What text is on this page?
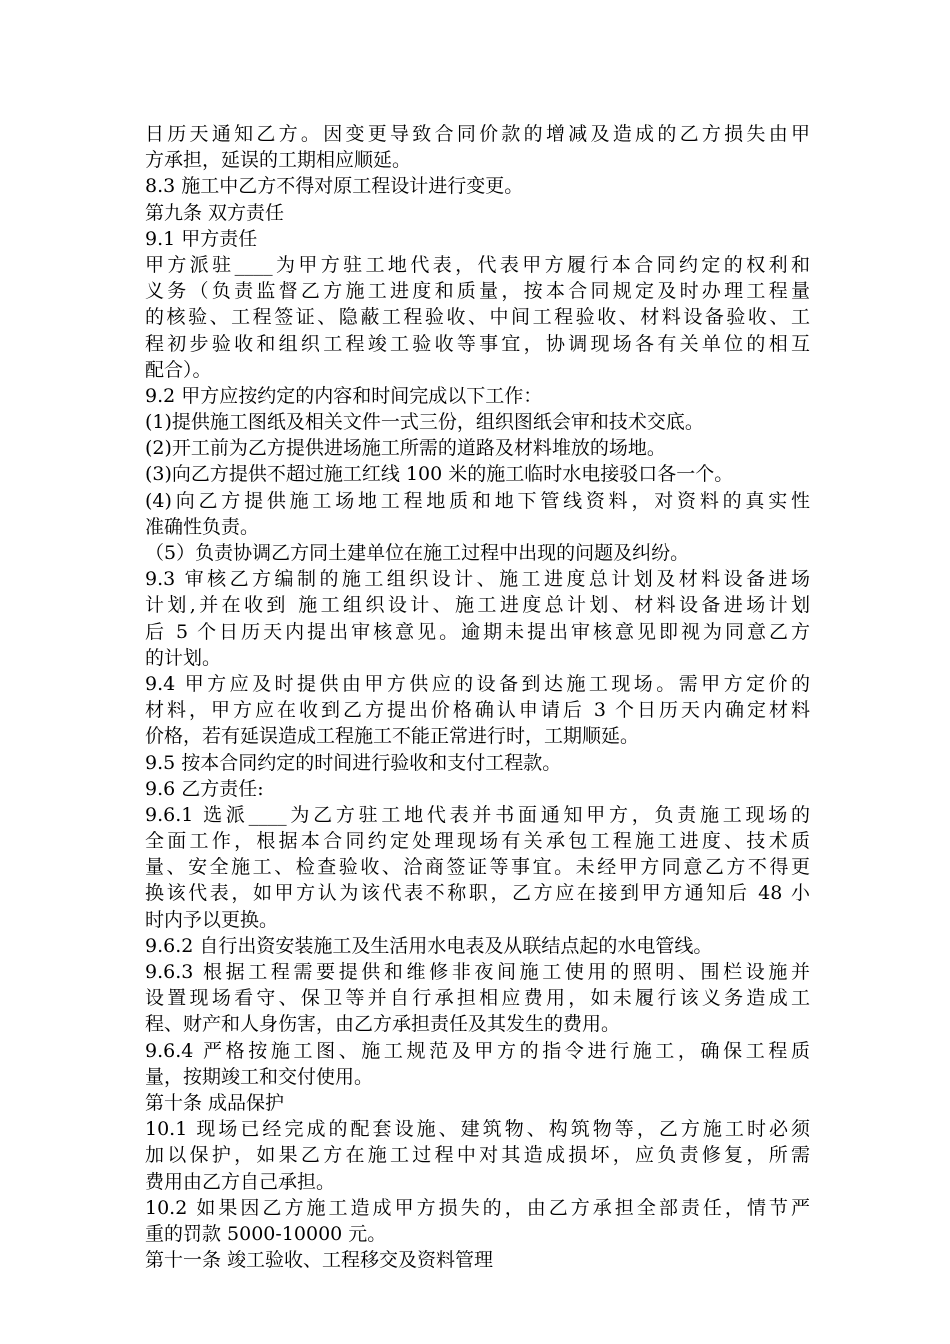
日历天通知乙方。因变更导致合同价款的增减及造成的乙方损失由甲
方承担，延误的工期相应顺延。
8.3 施工中乙方不得对原工程设计进行变更。
第九条 双方责任
9.1 甲方责任
甲方派驻____为甲方驻工地代表，代表甲方履行本合同约定的权利和
义务（负责监督乙方施工进度和质量，按本合同规定及时办理工程量
的核验、工程签证、隐蔽工程验收、中间工程验收、材料设备验收、工
程初步验收和组织工程竣工验收等事宜，协调现场各有关单位的相互
配合）。
9.2 甲方应按约定的内容和时间完成以下工作：
(1)提供施工图纸及相关文件一式三份，组织图纸会审和技术交底。
(2)开工前为乙方提供进场施工所需的道路及材料堆放的场地。
(3)向乙方提供不超过施工红线 100 米的施工临时水电接驳口各一个。
(4)向乙方提供施工场地工程地质和地下管线资料，对资料的真实性
准确性负责。
（5）负责协调乙方同土建单位在施工过程中出现的问题及纠纷。
9.3 审核乙方编制的施工组织设计、施工进度总计划及材料设备进场
计划,并在收到 施工组织设计、施工进度总计划、材料设备进场计划
后 5 个日历天内提出审核意见。逾期未提出审核意见即视为同意乙方
的计划。
9.4 甲方应及时提供由甲方供应的设备到达施工现场。需甲方定价的
材料，甲方应在收到乙方提出价格确认申请后 3 个日历天内确定材料
价格，若有延误造成工程施工不能正常进行时，工期顺延。
9.5 按本合同约定的时间进行验收和支付工程款。
9.6 乙方责任:
9.6.1 选派____为乙方驻工地代表并书面通知甲方，负责施工现场的
全面工作，根据本合同约定处理现场有关承包工程施工进度、技术质
量、安全施工、检查验收、洽商签证等事宜。未经甲方同意乙方不得更
换该代表，如甲方认为该代表不称职，乙方应在接到甲方通知后 48 小
时内予以更换。
9.6.2 自行出资安装施工及生活用水电表及从联结点起的水电管线。
9.6.3 根据工程需要提供和维修非夜间施工使用的照明、围栏设施并
设置现场看守、保卫等并自行承担相应费用，如未履行该义务造成工
程、财产和人身伤害，由乙方承担责任及其发生的费用。
9.6.4 严格按施工图、施工规范及甲方的指令进行施工，确保工程质
量，按期竣工和交付使用。
第十条 成品保护
10.1 现场已经完成的配套设施、建筑物、构筑物等，乙方施工时必须
加以保护，如果乙方在施工过程中对其造成损坏，应负责修复，所需
费用由乙方自己承担。
10.2 如果因乙方施工造成甲方损失的，由乙方承担全部责任，情节严
重的罚款 5000-10000 元。
第十一条 竣工验收、工程移交及资料管理
